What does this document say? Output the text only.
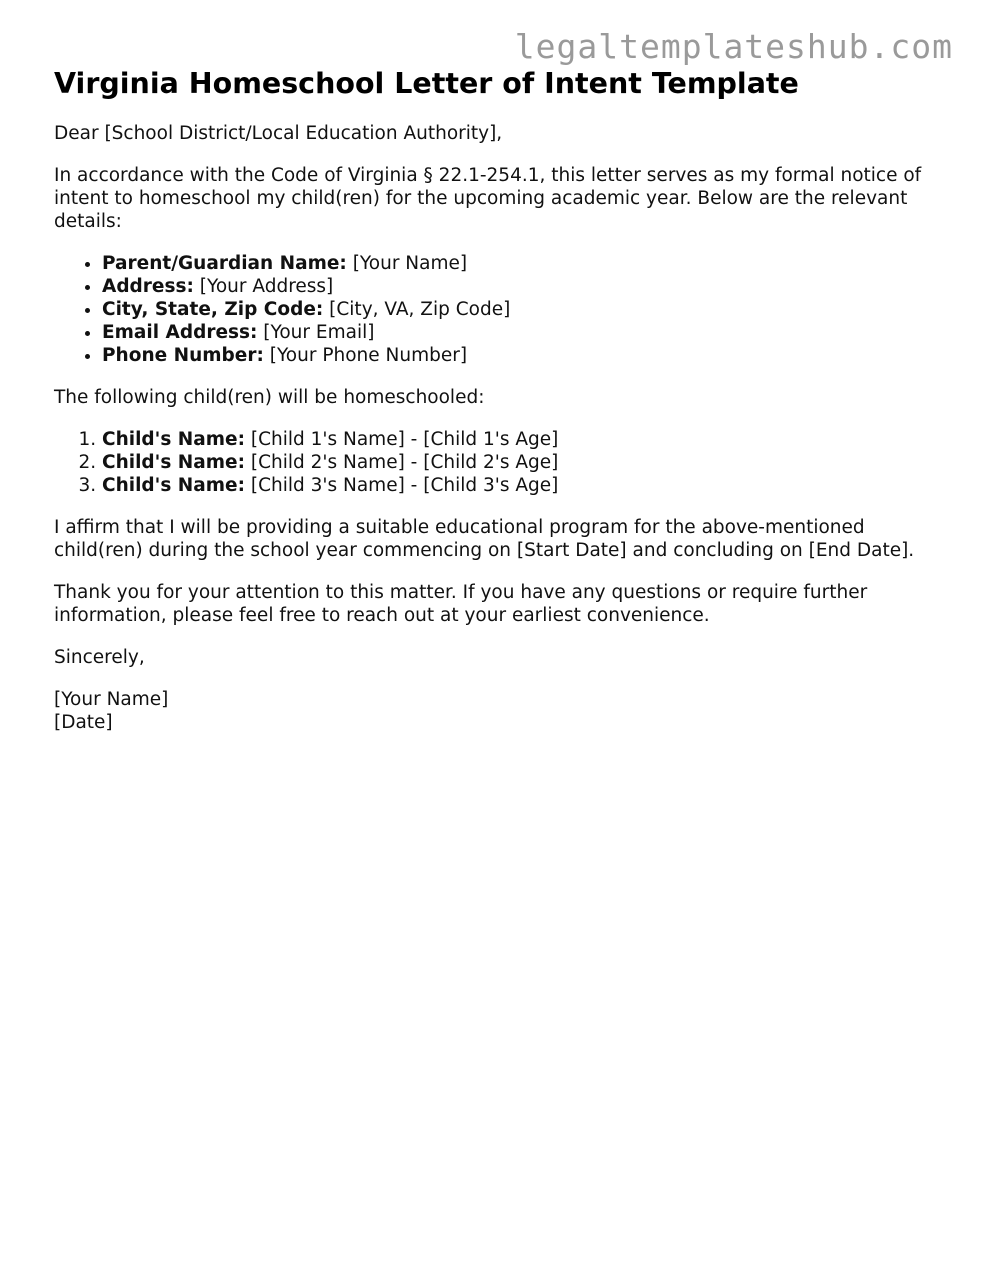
legaltemplateshub.com
Virginia Homeschool Letter of Intent Template

Dear [School District/Local Education Authority],

In accordance with the Code of Virginia § 22.1-254.1, this letter serves as my formal notice of intent to homeschool my child(ren) for the upcoming academic year. Below are the relevant details:

• Parent/Guardian Name: [Your Name]
• Address: [Your Address]
• City, State, Zip Code: [City, VA, Zip Code]
• Email Address: [Your Email]
• Phone Number: [Your Phone Number]

The following child(ren) will be homeschooled:

1. Child's Name: [Child 1's Name] - [Child 1's Age]
2. Child's Name: [Child 2's Name] - [Child 2's Age]
3. Child's Name: [Child 3's Name] - [Child 3's Age]

I affirm that I will be providing a suitable educational program for the above-mentioned child(ren) during the school year commencing on [Start Date] and concluding on [End Date].

Thank you for your attention to this matter. If you have any questions or require further information, please feel free to reach out at your earliest convenience.

Sincerely,

[Your Name]

[Date]
